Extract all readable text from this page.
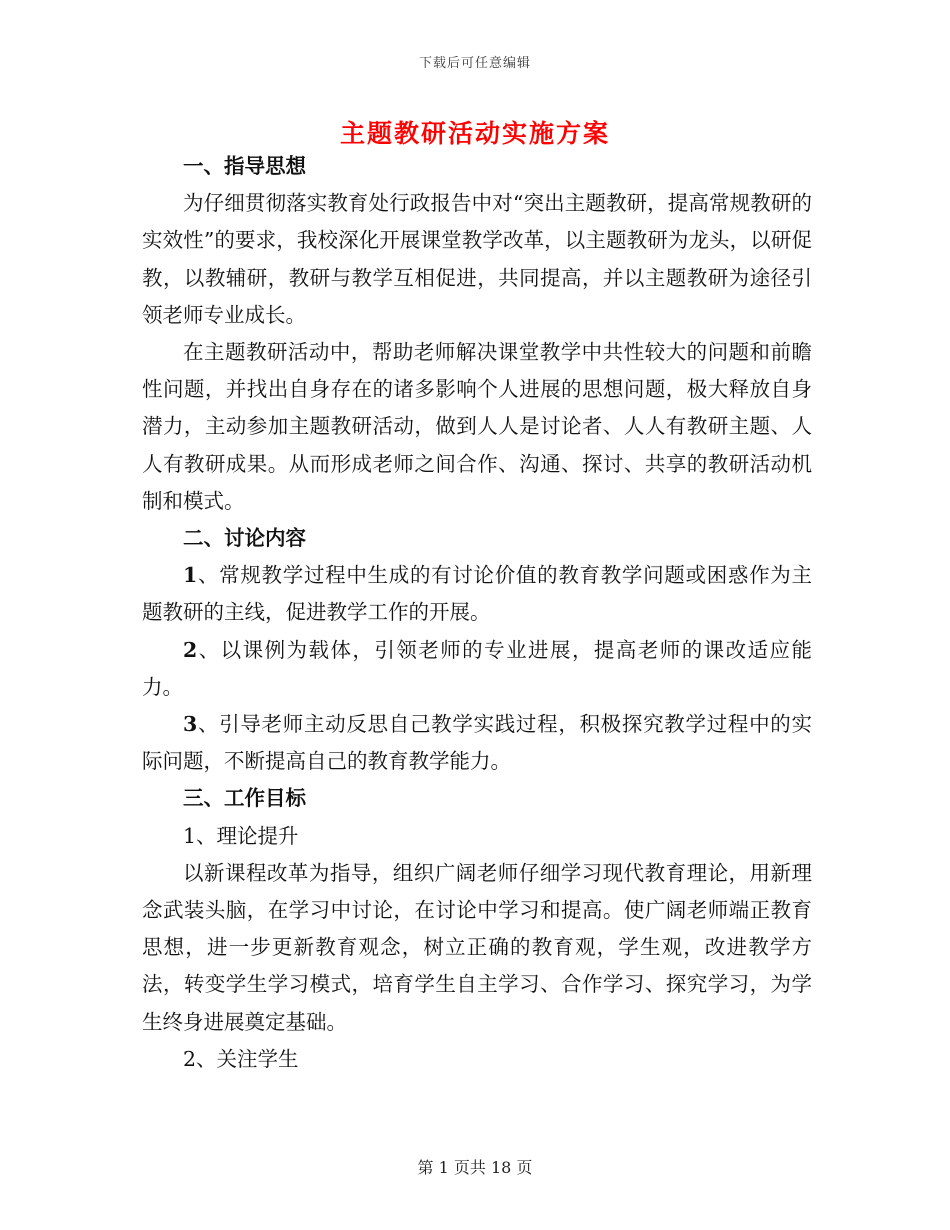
下载后可任意编辑
主题教研活动实施方案

一、指导思想

为仔细贯彻落实教育处行政报告中对“突出主题教研，提高常规教研的实效性”的要求，我校深化开展课堂教学改革，以主题教研为龙头，以研促教，以教辅研，教研与教学互相促进，共同提高，并以主题教研为途径引领老师专业成长。

在主题教研活动中，帮助老师解决课堂教学中共性较大的问题和前瞻性问题，并找出自身存在的诸多影响个人进展的思想问题，极大释放自身潜力，主动参加主题教研活动，做到人人是讨论者、人人有教研主题、人人有教研成果。从而形成老师之间合作、沟通、探讨、共享的教研活动机制和模式。

二、讨论内容

1、常规教学过程中生成的有讨论价值的教育教学问题或困惑作为主题教研的主线，促进教学工作的开展。

2、以课例为载体，引领老师的专业进展，提高老师的课改适应能力。

3、引导老师主动反思自己教学实践过程，积极探究教学过程中的实际问题，不断提高自己的教育教学能力。

三、工作目标

1、理论提升

以新课程改革为指导，组织广阔老师仔细学习现代教育理论，用新理念武装头脑，在学习中讨论，在讨论中学习和提高。使广阔老师端正教育思想，进一步更新教育观念，树立正确的教育观，学生观，改进教学方法，转变学生学习模式，培育学生自主学习、合作学习、探究学习，为学生终身进展奠定基础。

2、关注学生

第 1 页共 18 页
